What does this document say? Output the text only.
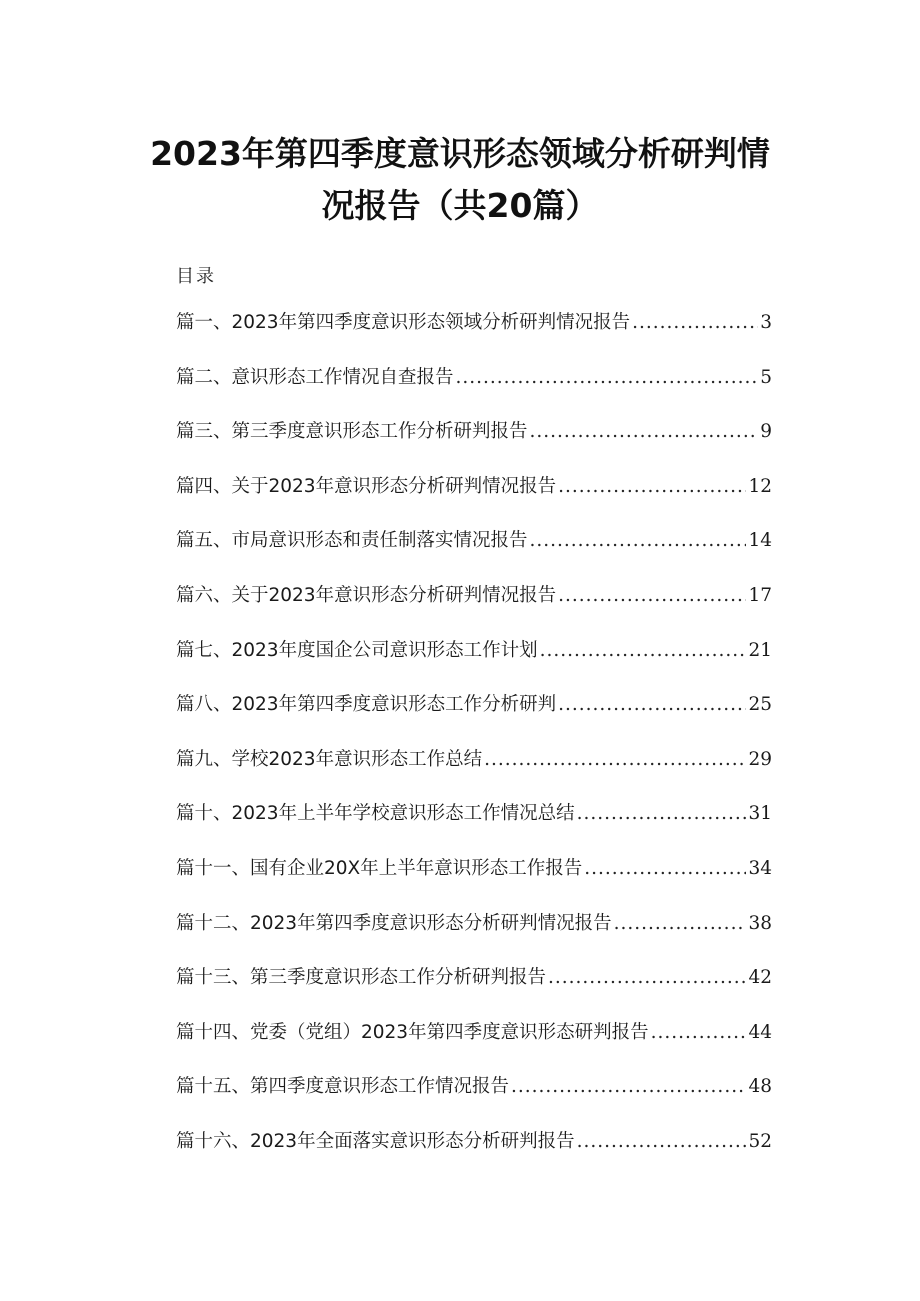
2023年第四季度意识形态领域分析研判情
况报告（共20篇）
目录
篇一、2023年第四季度意识形态领域分析研判情况报告 .....	3
篇二、意识形态工作情况自查报告 .....	5
篇三、第三季度意识形态工作分析研判报告 .....	9
篇四、关于2023年意识形态分析研判情况报告 .....	12
篇五、市局意识形态和责任制落实情况报告 .....	14
篇六、关于2023年意识形态分析研判情况报告 .....	17
篇七、2023年度国企公司意识形态工作计划 .....	21
篇八、2023年第四季度意识形态工作分析研判 .....	25
篇九、学校2023年意识形态工作总结 .....	29
篇十、2023年上半年学校意识形态工作情况总结 .....	31
篇十一、国有企业20X年上半年意识形态工作报告 .....	34
篇十二、2023年第四季度意识形态分析研判情况报告 .....	38
篇十三、第三季度意识形态工作分析研判报告 .....	42
篇十四、党委（党组）2023年第四季度意识形态研判报告 .....	44
篇十五、第四季度意识形态工作情况报告 .....	48
篇十六、2023年全面落实意识形态分析研判报告 .....	52
